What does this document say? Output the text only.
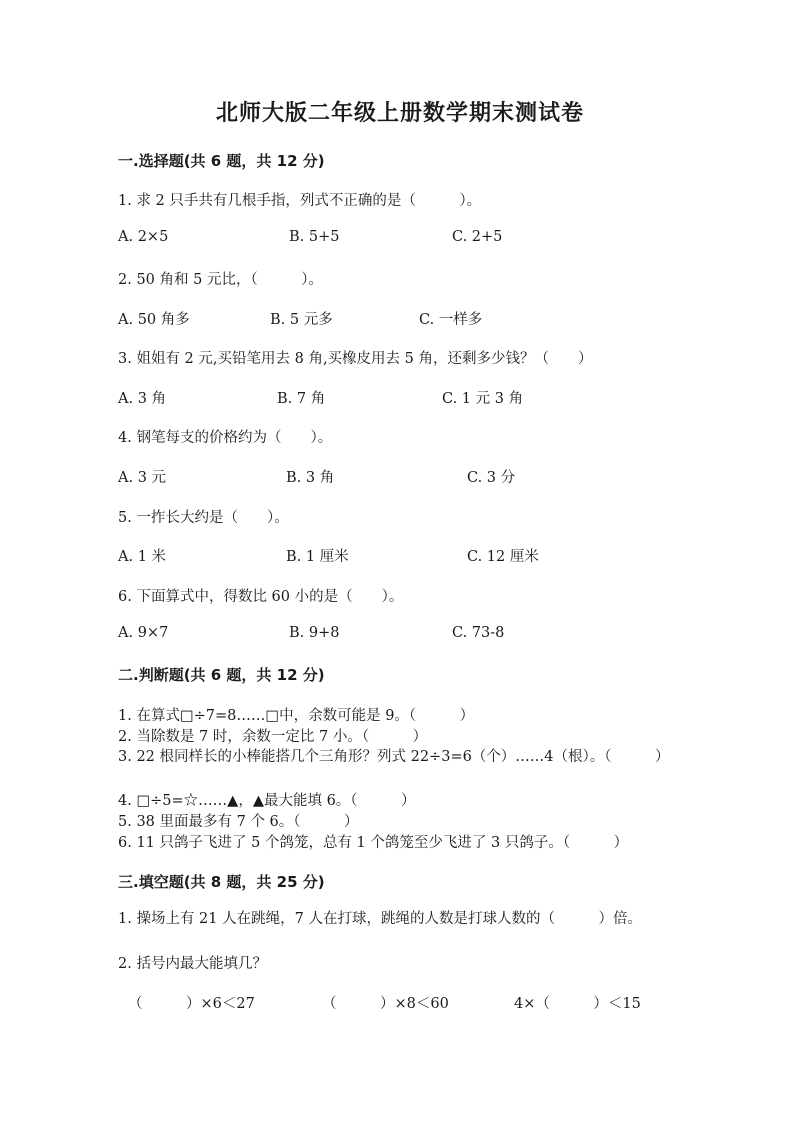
北师大版二年级上册数学期末测试卷
一.选择题(共 6 题，共 12 分)
1. 求 2 只手共有几根手指，列式不正确的是（　　　）。
A. 2×5	B. 5+5	C. 2+5
2. 50 角和 5 元比，（　　　）。
A. 50 角多	B. 5 元多	C. 一样多
3. 姐姐有 2 元,买铅笔用去 8 角,买橡皮用去 5 角，还剩多少钱？（　　）
A. 3 角	B. 7 角	C. 1 元 3 角
4. 钢笔每支的价格约为（　　）。
A. 3 元	B. 3 角	C. 3 分
5. 一拃长大约是（　　）。
A. 1 米	B. 1 厘米	C. 12 厘米
6. 下面算式中，得数比 60 小的是（　　）。
A. 9×7	B. 9+8	C. 73-8
二.判断题(共 6 题，共 12 分)
1. 在算式□÷7=8……□中，余数可能是 9。（　　　）
2. 当除数是 7 时，余数一定比 7 小。（　　　）
3. 22 根同样长的小棒能搭几个三角形？列式 22÷3=6（个）……4（根）。（　　　）
4. □÷5=☆……▲，▲最大能填 6。（　　　）
5. 38 里面最多有 7 个 6。（　　　）
6. 11 只鸽子飞进了 5 个鸽笼，总有 1 个鸽笼至少飞进了 3 只鸽子。（　　　）
三.填空题(共 8 题，共 25 分)
1. 操场上有 21 人在跳绳，7 人在打球，跳绳的人数是打球人数的（　　　）倍。
2. 括号内最大能填几？
（　　　）×6＜27	（　　　）×8＜60	4×（　　　）＜15
